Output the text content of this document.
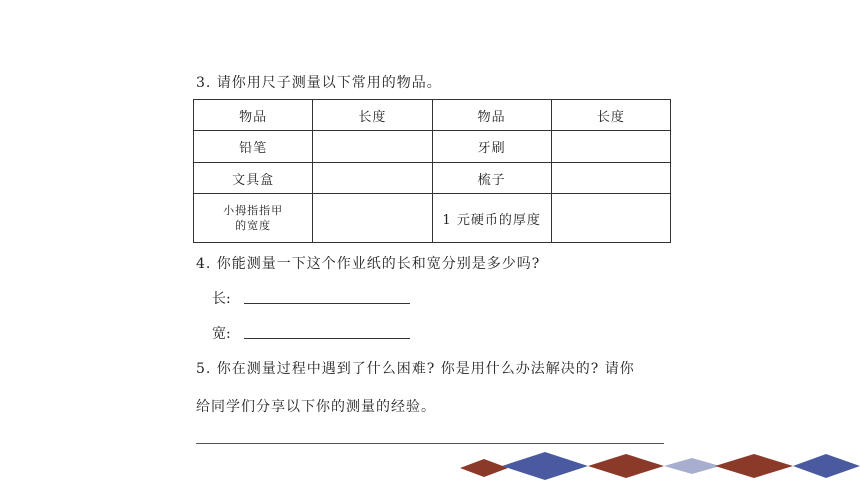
3. 请你用尺子测量以下常用的物品。
物品	长度	物品	长度
铅笔		牙刷	
文具盒		梳子	
小拇指指甲
的宽度		1 元硬币的厚度	
4. 你能测量一下这个作业纸的长和宽分别是多少吗?
长:
宽:
5. 你在测量过程中遇到了什么困难? 你是用什么办法解决的? 请你
给同学们分享以下你的测量的经验。
